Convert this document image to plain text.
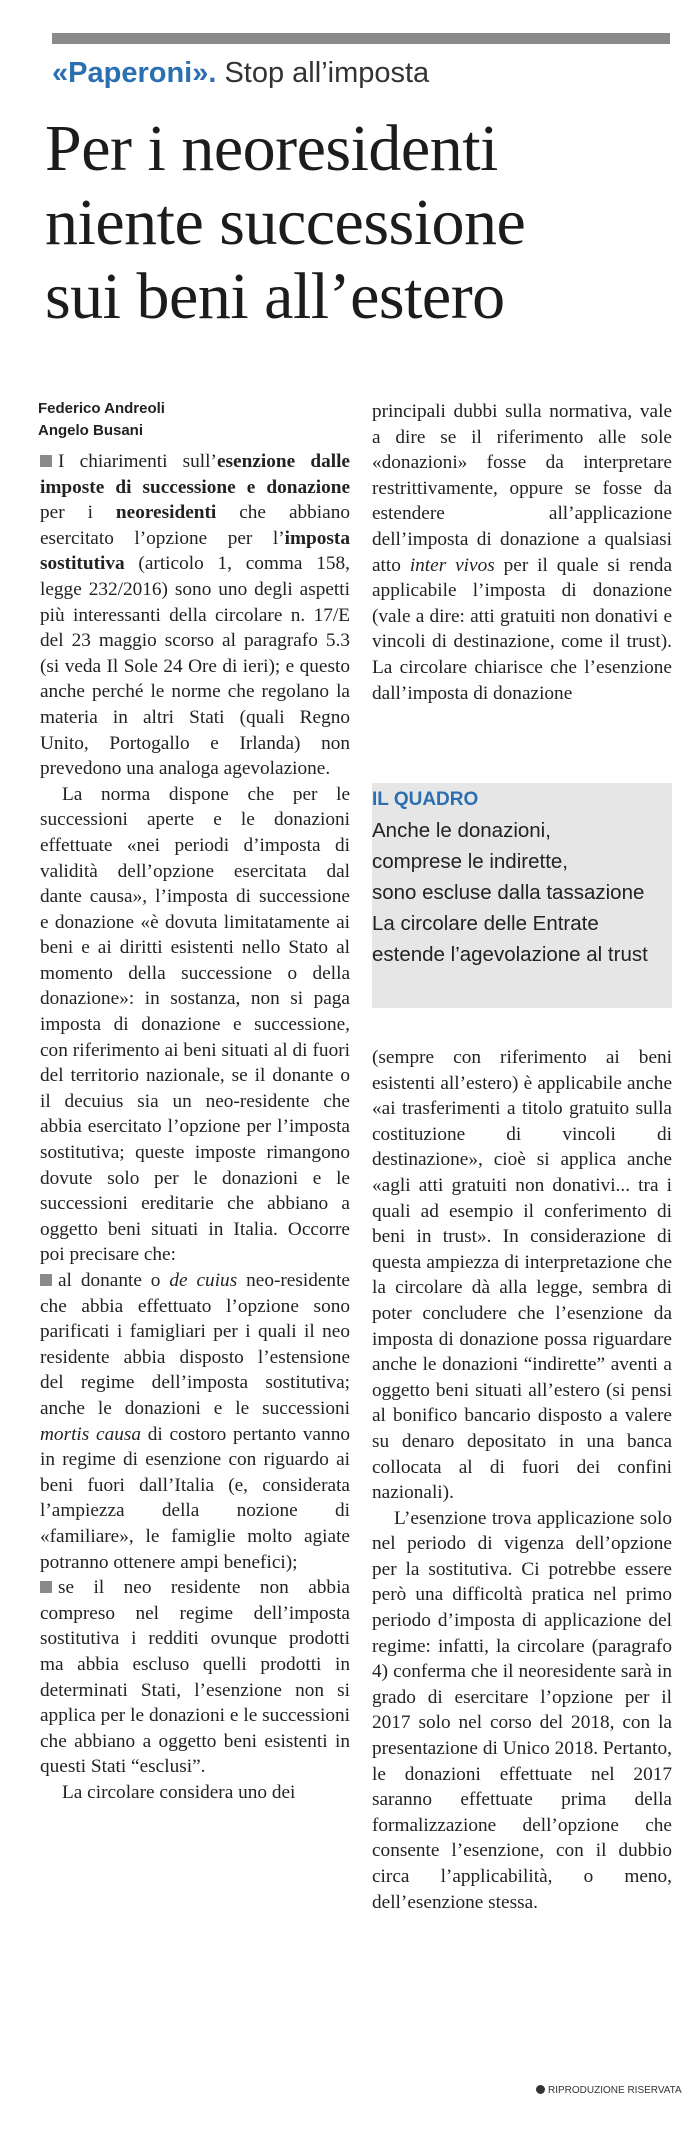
«Paperoni». Stop all’imposta
Per i neoresidenti
niente successione
sui beni all’estero
Federico Andreoli
Angelo Busani

I chiarimenti sull’esenzione dalle imposte di successione e donazione per i neoresidenti che abbiano esercitato l’opzione per l’imposta sostitutiva (articolo 1, comma 158, legge 232/2016) sono uno degli aspetti più interessanti della circolare n. 17/E del 23 maggio scorso al paragrafo 5.3 (si veda Il Sole 24 Ore di ieri); e questo anche perché le norme che regolano la materia in altri Stati (quali Regno Unito, Portogallo e Irlanda) non prevedono una analoga agevolazione.

La norma dispone che per le successioni aperte e le donazioni effettuate «nei periodi d’imposta di validità dell’opzione esercitata dal dante causa», l’imposta di successione e donazione «è dovuta limitatamente ai beni e ai diritti esistenti nello Stato al momento della successione o della donazione»: in sostanza, non si paga imposta di donazione e successione, con riferimento ai beni situati al di fuori del territorio nazionale, se il donante o il decuius sia un neo-residente che abbia esercitato l’opzione per l’imposta sostitutiva; queste imposte rimangono dovute solo per le donazioni e le successioni ereditarie che abbiano a oggetto beni situati in Italia. Occorre poi precisare che:

al donante o de cuius neo-residente che abbia effettuato l’opzione sono parificati i famigliari per i quali il neo residente abbia disposto l’estensione del regime dell’imposta sostitutiva; anche le donazioni e le successioni mortis causa di costoro pertanto vanno in regime di esenzione con riguardo ai beni fuori dall’Italia (e, considerata l’ampiezza della nozione di «familiare», le famiglie molto agiate potranno ottenere ampi benefici);

se il neo residente non abbia compreso nel regime dell’imposta sostitutiva i redditi ovunque prodotti ma abbia escluso quelli prodotti in determinati Stati, l’esenzione non si applica per le donazioni e le successioni che abbiano a oggetto beni esistenti in questi Stati “esclusi”.

La circolare considera uno dei

principali dubbi sulla normativa, vale a dire se il riferimento alle sole «donazioni» fosse da interpretare restrittivamente, oppure se fosse da estendere all’applicazione dell’imposta di donazione a qualsiasi atto inter vivos per il quale si renda applicabile l’imposta di donazione (vale a dire: atti gratuiti non donativi e vincoli di destinazione, come il trust). La circolare chiarisce che l’esenzione dall’imposta di donazione

IL QUADRO
Anche le donazioni,
comprese le indirette,
sono escluse dalla tassazione
La circolare delle Entrate
estende l’agevolazione al trust

(sempre con riferimento ai beni esistenti all’estero) è applicabile anche «ai trasferimenti a titolo gratuito sulla costituzione di vincoli di destinazione», cioè si applica anche «agli atti gratuiti non donativi... tra i quali ad esempio il conferimento di beni in trust». In considerazione di questa ampiezza di interpretazione che la circolare dà alla legge, sembra di poter concludere che l’esenzione da imposta di donazione possa riguardare anche le donazioni “indirette” aventi a oggetto beni situati all’estero (si pensi al bonifico bancario disposto a valere su denaro depositato in una banca collocata al di fuori dei confini nazionali).

L’esenzione trova applicazione solo nel periodo di vigenza dell’opzione per la sostitutiva. Ci potrebbe essere però una difficoltà pratica nel primo periodo d’imposta di applicazione del regime: infatti, la circolare (paragrafo 4) conferma che il neoresidente sarà in grado di esercitare l’opzione per il 2017 solo nel corso del 2018, con la presentazione di Unico 2018. Pertanto, le donazioni effettuate nel 2017 saranno effettuate prima della formalizzazione dell’opzione che consente l’esenzione, con il dubbio circa l’applicabilità, o meno, dell’esenzione stessa.

RIPRODUZIONE RISERVATA
